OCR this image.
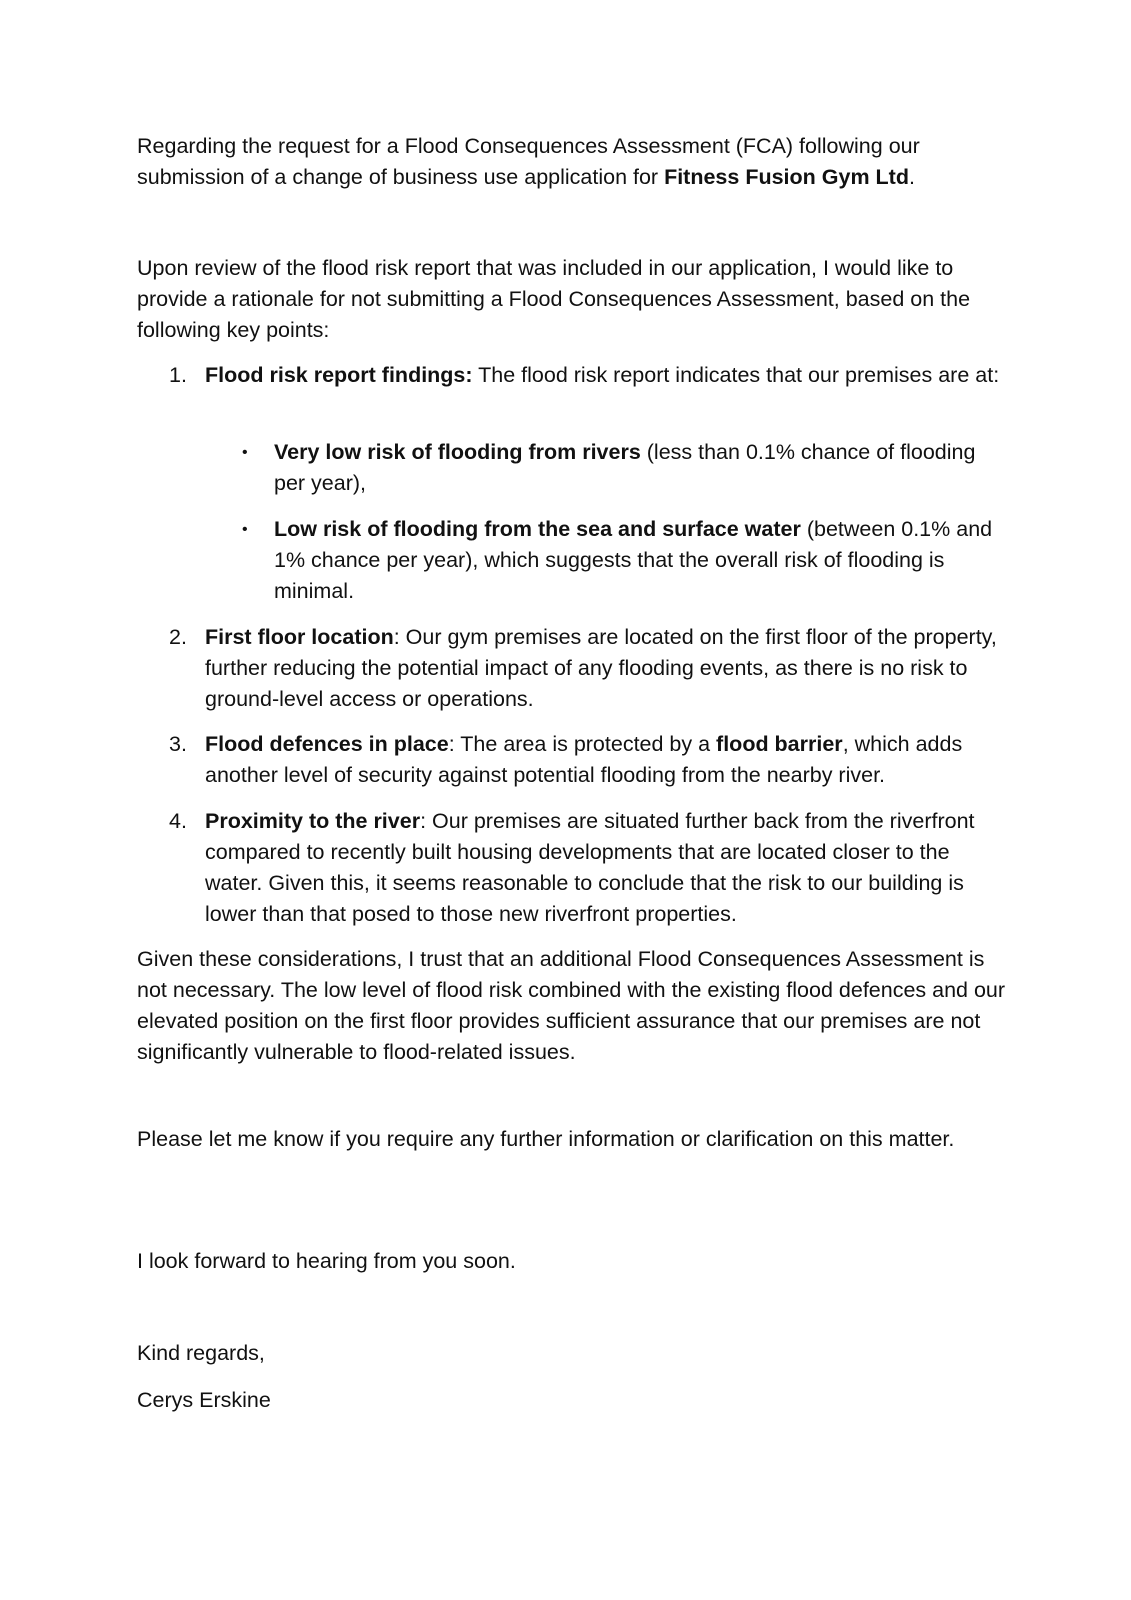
Regarding the request for a Flood Consequences Assessment (FCA) following our submission of a change of business use application for Fitness Fusion Gym Ltd.

Upon review of the flood risk report that was included in our application, I would like to provide a rationale for not submitting a Flood Consequences Assessment, based on the following key points:

1. Flood risk report findings: The flood risk report indicates that our premises are at:
•	Very low risk of flooding from rivers (less than 0.1% chance of flooding per year),
•	Low risk of flooding from the sea and surface water (between 0.1% and 1% chance per year), which suggests that the overall risk of flooding is minimal.
2. First floor location: Our gym premises are located on the first floor of the property, further reducing the potential impact of any flooding events, as there is no risk to ground-level access or operations.
3. Flood defences in place: The area is protected by a flood barrier, which adds another level of security against potential flooding from the nearby river.
4. Proximity to the river: Our premises are situated further back from the riverfront compared to recently built housing developments that are located closer to the water. Given this, it seems reasonable to conclude that the risk to our building is lower than that posed to those new riverfront properties.

Given these considerations, I trust that an additional Flood Consequences Assessment is not necessary. The low level of flood risk combined with the existing flood defences and our elevated position on the first floor provides sufficient assurance that our premises are not significantly vulnerable to flood-related issues.

Please let me know if you require any further information or clarification on this matter.

I look forward to hearing from you soon.

Kind regards,

Cerys Erskine
